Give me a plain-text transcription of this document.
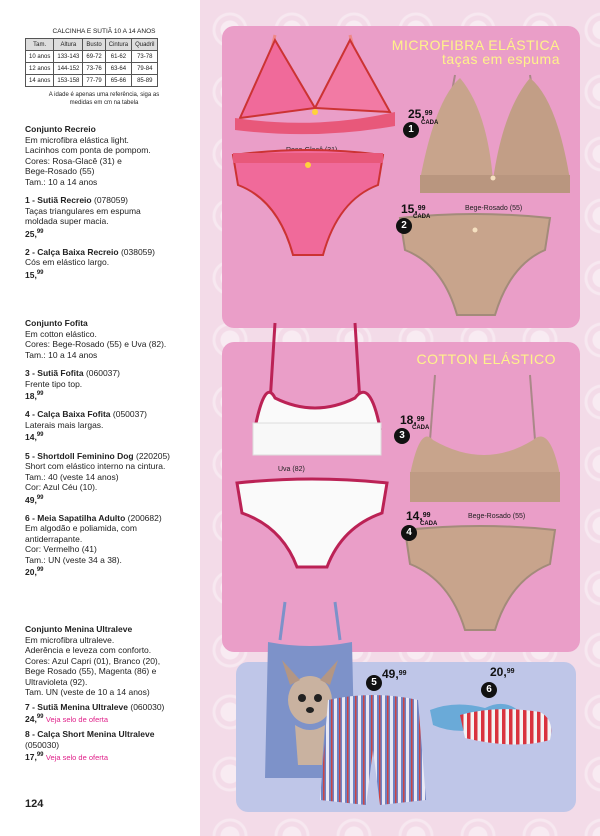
MICROFIBRA ELÁSTICA
taças em espuma
Bege-Rosado (55)
1
25,99
CADA
2
15,99
CADA
COTTON ELÁSTICO
Uva (82)
Bege-Rosado (55)
3
18,99
CADA
4
14,99
CADA
5
49,99
6
20,99
CALCINHA E SUTIÃ 10 A 14 ANOS
Tam.	Altura	Busto	Cintura	Quadril
10 anos	133-143	69-72	61-62	73-78
12 anos	144-152	73-76	63-64	79-84
14 anos	153-158	77-79	65-66	85-89
A idade é apenas uma referência, siga as
medidas em cm na tabela
Conjunto Recreio
Em microfibra elástica light.
Lacinhos com ponta de pompom.
Cores: Rosa-Glacê (31) e
Bege-Rosado (55)
Tam.: 10 a 14 anos
1 - Sutiã Recreio (078059)
Taças triangulares em espuma
moldada super macia.
25,99
2 - Calça Baixa Recreio (038059)
Cós em elástico largo.
15,99
Conjunto Fofita
Em cotton elástico.
Cores: Bege-Rosado (55) e Uva (82).
Tam.: 10 a 14 anos
3 - Sutiã Fofita (060037)
Frente tipo top.
18,99
4 - Calça Baixa Fofita (050037)
Laterais mais largas.
14,99
5 - Shortdoll Feminino Dog (220205)
Short com elástico interno na cintura.
Tam.: 40 (veste 14 anos)
Cor: Azul Céu (10).
49,99
6 - Meia Sapatilha Adulto (200682)
Em algodão e poliamida, com
antiderrapante.
Cor: Vermelho (41)
Tam.: UN (veste 34 a 38).
20,99
Conjunto Menina Ultraleve
Em microfibra ultraleve.
Aderência e leveza com conforto.
Cores: Azul Capri (01), Branco (20),
Bege Rosado (55), Magenta (86) e
Ultravioleta (92).
Tam. UN (veste de 10 a 14 anos)
7 - Sutiã Menina Ultraleve (060030)
24,99 Veja selo de oferta
8 - Calça Short Menina Ultraleve
(050030)
17,99 Veja selo de oferta
124
